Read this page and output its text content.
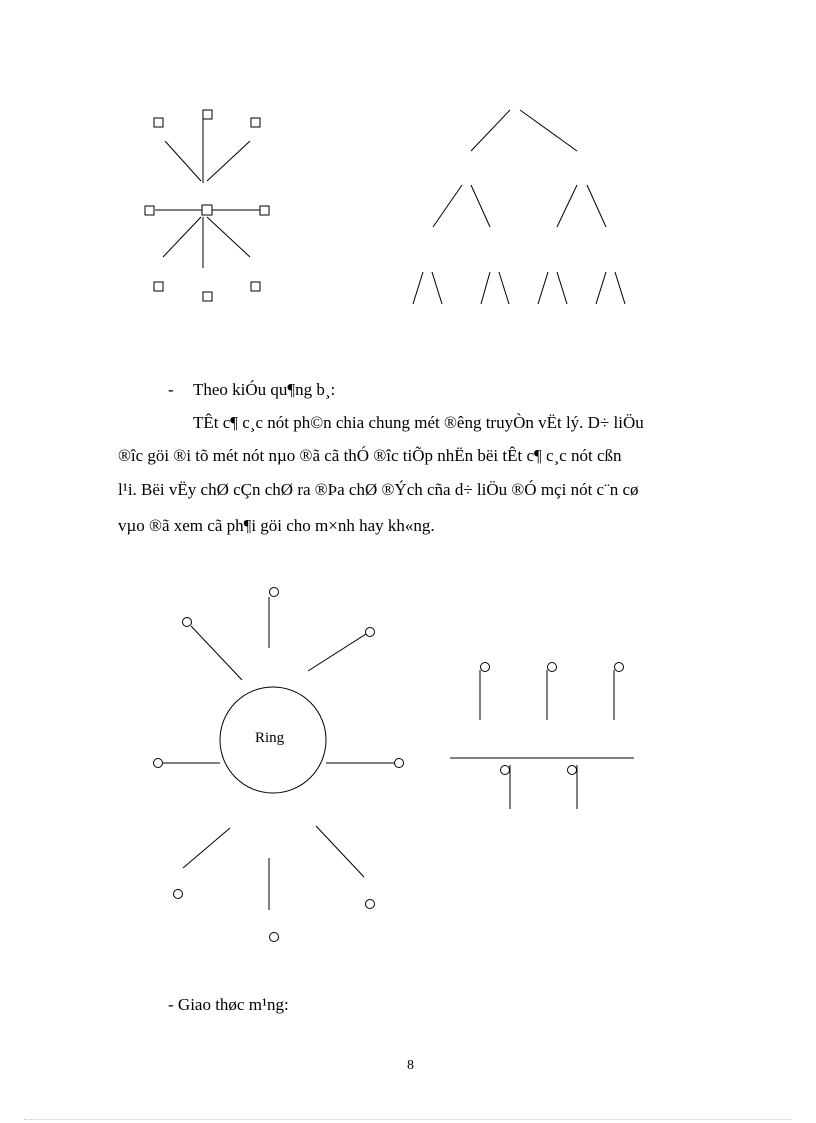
Ring
- Theo kiÓu qu¶ng b¸:
TÊt c¶ c¸c nót ph©n chia chung mét ®êng truyÒn vËt lý. D÷ liÖu
®îc göi ®i tõ mét nót nµo ®ã cã thÓ ®îc tiÕp nhËn bëi tÊt c¶ c¸c nót cßn
l¹i. Bëi vËy chØ cÇn chØ ra ®Þa chØ ®Ých cña d÷ liÖu ®Ó mçi nót c¨n cø
vµo ®ã xem cã ph¶i göi cho m×nh hay kh«ng.
- Giao thøc m¹ng:
8
